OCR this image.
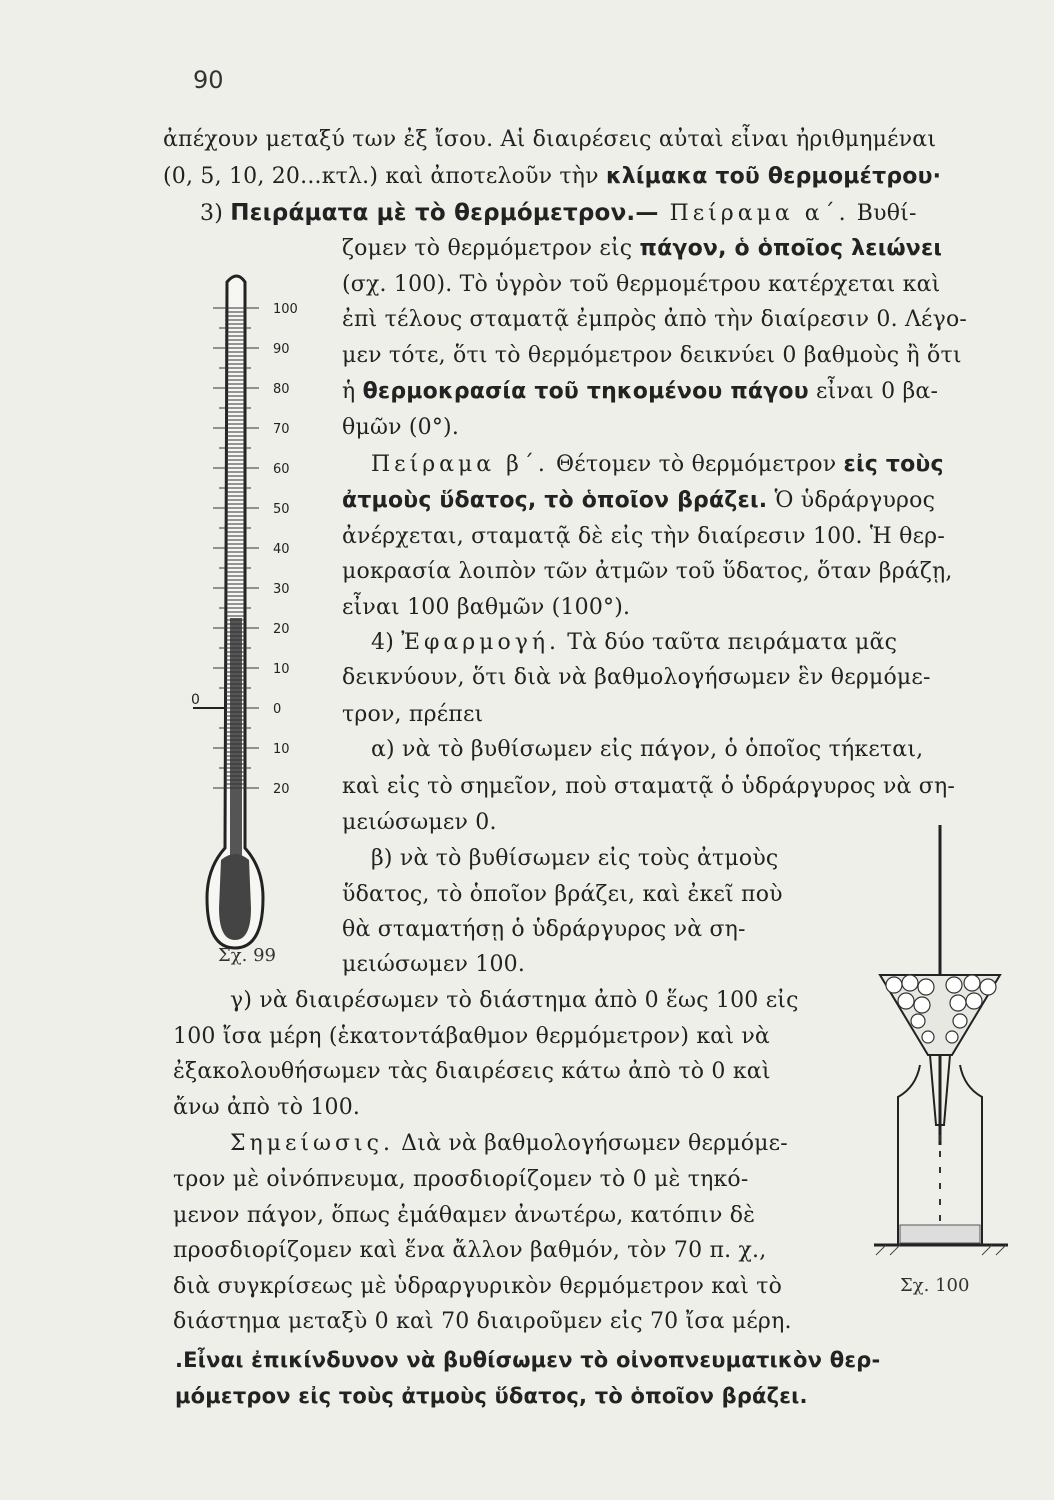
90
ἀπέχουν μεταξύ των ἐξ ἴσου. Αἱ διαιρέσεις αὐταὶ εἶναι ἠριθμημέναι
(0, 5, 10, 20...κτλ.) καὶ ἀποτελοῦν τὴν κλίμακα τοῦ θερμομέτρου·
3) Πειράματα μὲ τὸ θερμόμετρον.— Πείραμα α΄. Βυθί-
ζομεν τὸ θερμόμετρον εἰς πάγον, ὁ ὁποῖος λειώνει
(σχ. 100). Τὸ ὑγρὸν τοῦ θερμομέτρου κατέρχεται καὶ
ἐπὶ τέλους σταματᾷ ἐμπρὸς ἀπὸ τὴν διαίρεσιν 0. Λέγο-
μεν τότε, ὅτι τὸ θερμόμετρον δεικνύει 0 βαθμοὺς ἢ ὅτι
ἡ θερμοκρασία τοῦ τηκομένου πάγου εἶναι 0 βα-
θμῶν (0°).
Πείραμα β΄. Θέτομεν τὸ θερμόμετρον εἰς τοὺς
ἀτμοὺς ὕδατος, τὸ ὁποῖον βράζει. Ὁ ὑδράργυρος
ἀνέρχεται, σταματᾷ δὲ εἰς τὴν διαίρεσιν 100. Ἡ θερ-
μοκρασία λοιπὸν τῶν ἀτμῶν τοῦ ὕδατος, ὅταν βράζῃ,
εἶναι 100 βαθμῶν (100°).
4) Ἐφαρμογή. Τὰ δύο ταῦτα πειράματα μᾶς
δεικνύουν, ὅτι διὰ νὰ βαθμολογήσωμεν ἓν θερμόμε-
τρον, πρέπει
α) νὰ τὸ βυθίσωμεν εἰς πάγον, ὁ ὁποῖος τήκεται,
καὶ εἰς τὸ σημεῖον, ποὺ σταματᾷ ὁ ὑδράργυρος νὰ ση-
μειώσωμεν 0.
β) νὰ τὸ βυθίσωμεν εἰς τοὺς ἀτμοὺς
ὕδατος, τὸ ὁποῖον βράζει, καὶ ἐκεῖ ποὺ
θὰ σταματήσῃ ὁ ὑδράργυρος νὰ ση-
μειώσωμεν 100.
γ) νὰ διαιρέσωμεν τὸ διάστημα ἀπὸ 0 ἕως 100 εἰς
100 ἴσα μέρη (ἑκατοντάβαθμον θερμόμετρον) καὶ νὰ
ἐξακολουθήσωμεν τὰς διαιρέσεις κάτω ἀπὸ τὸ 0 καὶ
ἄνω ἀπὸ τὸ 100.
Σημείωσις. Διὰ νὰ βαθμολογήσωμεν θερμόμε-
τρον μὲ οἰνόπνευμα, προσδιορίζομεν τὸ 0 μὲ τηκό-
μενον πάγον, ὅπως ἐμάθαμεν ἀνωτέρω, κατόπιν δὲ
προσδιορίζομεν καὶ ἕνα ἄλλον βαθμόν, τὸν 70 π. χ.,
διὰ συγκρίσεως μὲ ὑδραργυρικὸν θερμόμετρον καὶ τὸ
διάστημα μεταξὺ 0 καὶ 70 διαιροῦμεν εἰς 70 ἴσα μέρη.
.Εἶναι ἐπικίνδυνον νὰ βυθίσωμεν τὸ οἰνοπνευματικὸν θερ-
μόμετρον εἰς τοὺς ἀτμοὺς ὕδατος, τὸ ὁποῖον βράζει.
100
90
80
70
60
50
40
30
20
10
0
10
20
0
Σχ. 99
Σχ. 100
